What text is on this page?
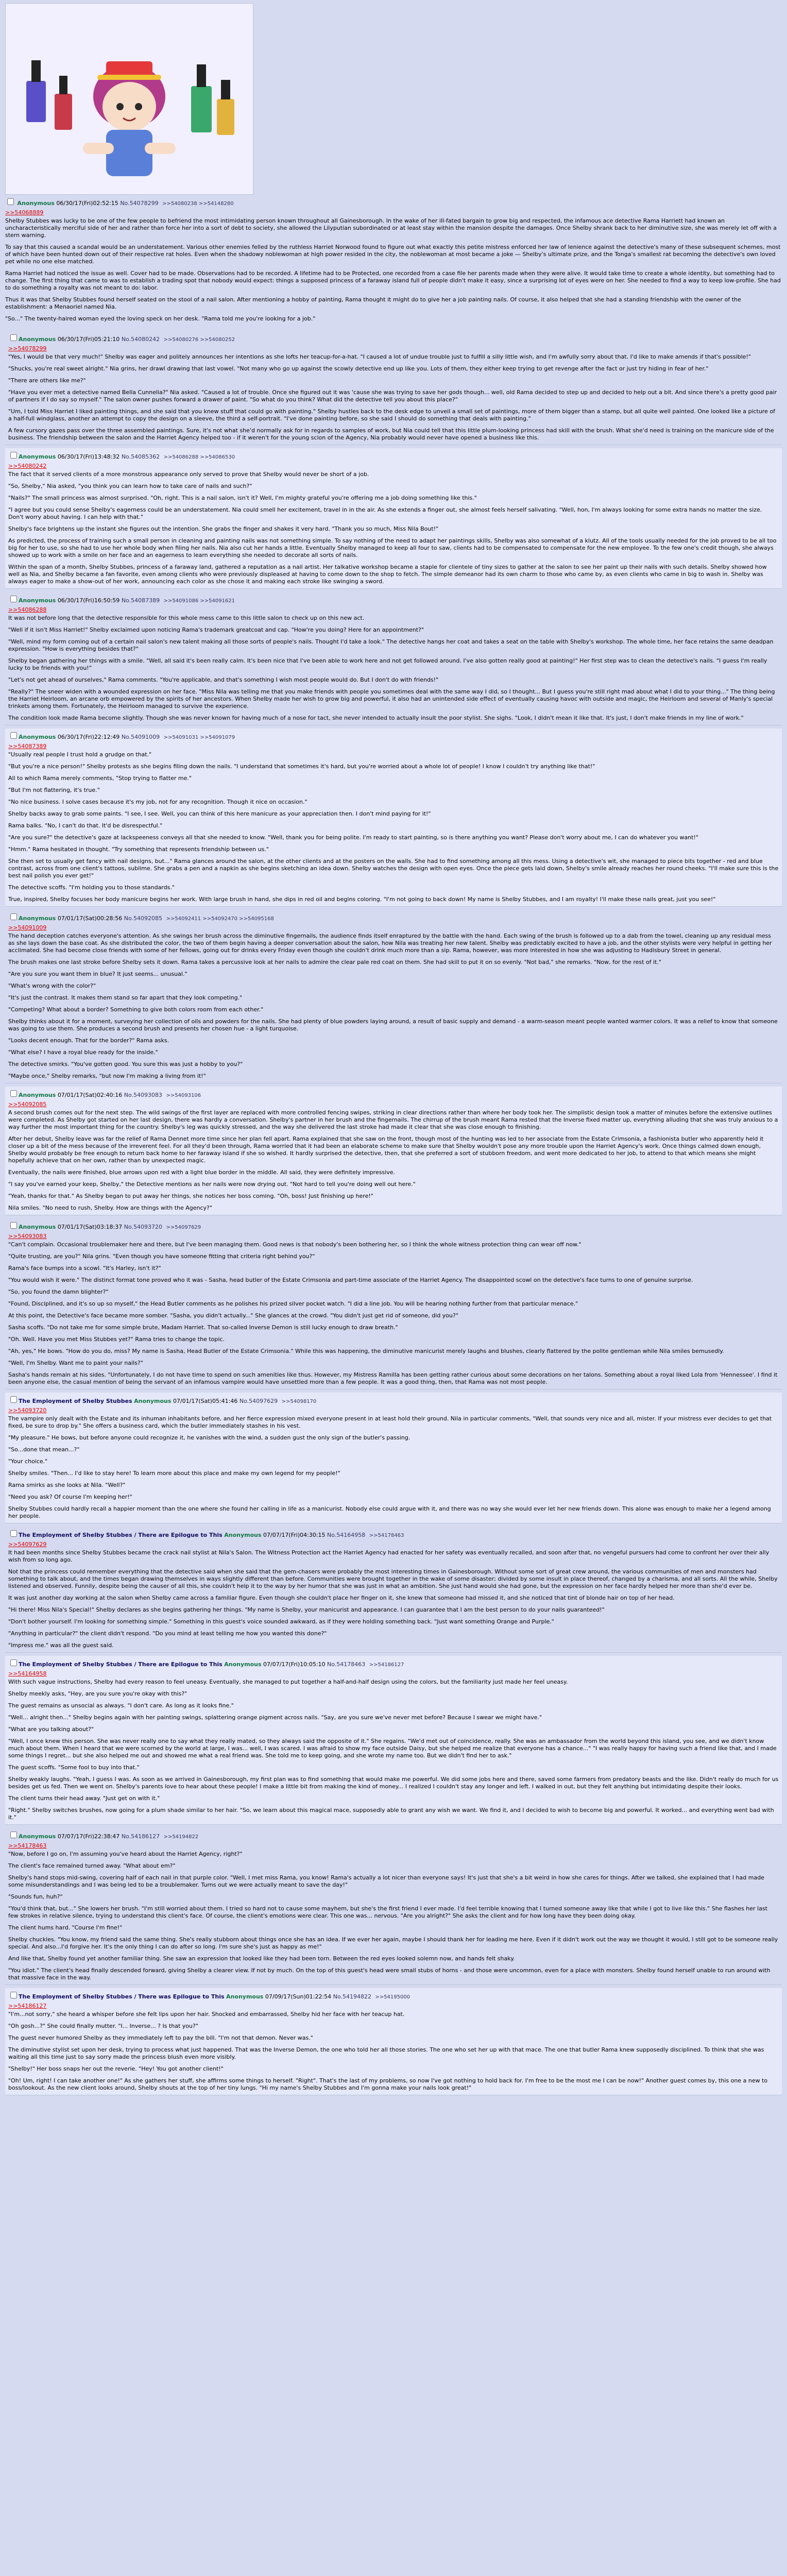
Anonymous 06/30/17(Fri)02:52:15 No.54078299 >>54080238 >>54148280
>>54068889

Shelby Stubbes was lucky to be one of the few people to befriend the most intimidating person known throughout all Gainesborough. In the wake of her ill-fated bargain to grow big and respected, the infamous ace detective Rama Harriett had known an uncharacteristically merciful side of her and rather than force her into a sort of debt to society, she allowed the Lilyputian subordinated or at least stay within the mansion despite the damages. Once Shelby shrank back to her diminutive size, she was merely let off with a stern warning.

To say that this caused a scandal would be an understatement. Various other enemies felled by the ruthless Harriet Norwood found to figure out what exactly this petite mistress enforced her law of lenience against the detective's many of these subsequent schemes, most of which have been hunted down out of their respective rat holes. Even when the shadowy noblewoman at high power resided in the city, the noblewoman at most became a joke — Shelby's ultimate prize, and the Tonga's smallest rat becoming the detective's own loved pet while no one else matched.

Rama Harriet had noticed the issue as well. Cover had to be made. Observations had to be recorded. A lifetime had to be Protected, one recorded from a case file her parents made when they were alive. It would take time to create a whole identity, but something had to change. The first thing that came to was to establish a trading spot that nobody would expect: things a supposed princess of a faraway island full of people didn't make it easy, since a surprising lot of eyes were on her. She needed to find a way to keep low-profile. She had to do something a royalty was not meant to do: labor.

Thus it was that Shelby Stubbes found herself seated on the stool of a nail salon. After mentioning a hobby of painting, Rama thought it might do to give her a job painting nails. Of course, it also helped that she had a standing friendship with the owner of the establishment: a Menaoriel named Nia.

"So..." The twenty-haired woman eyed the loving speck on her desk. "Rama told me you're looking for a job."

Anonymous 06/30/17(Fri)05:21:10 No.54080242 >>54080276 >>54080252
>>54078299

"Yes, I would be that very much!" Shelby was eager and politely announces her intentions as she lofts her teacup-for-a-hat. "I caused a lot of undue trouble just to fulfill a silly little wish, and I'm awfully sorry about that. I'd like to make amends if that's possible!"

"Shucks, you're real sweet alright." Nia grins, her drawl drawing that last vowel. "Not many who go up against the scowly detective end up like you. Lots of them, they either keep trying to get revenge after the fact or just try hiding in fear of her."

"There are others like me?"

"Have you ever met a detective named Bella Cunnelia?" Nia asked. "Caused a lot of trouble. Once she figured out it was 'cause she was trying to save her gods though... well, old Rama decided to step up and decided to help out a bit. And since there's a pretty good pair of partners if I do say so myself." The salon owner pushes forward a drawer of paint. "So what do you think? What did the detective tell you about this place?"

"Um, I told Miss Harriet I liked painting things, and she said that you knew stuff that could go with painting." Shelby hustles back to the desk edge to unveil a small set of paintings, more of them bigger than a stamp, but all quite well painted. One looked like a picture of a half-full windglass, another an attempt to copy the design on a sleeve, the third a self-portrait. "I've done painting before, so she said I should do something that deals with painting."

A few cursory gazes pass over the three assembled paintings. Sure, it's not what she'd normally ask for in regards to samples of work, but Nia could tell that this little plum-looking princess had skill with the brush. What she'd need is training on the manicure side of the business. The friendship between the salon and the Harriet Agency helped too - if it weren't for the young scion of the Agency, Nia probably would never have opened a business like this.

Anonymous 06/30/17(Fri)13:48:32 No.54085362 >>54086288 >>54086530
>>54080242

The fact that it served clients of a more monstrous appearance only served to prove that Shelby would never be short of a job.

"So, Shelby," Nia asked, "you think you can learn how to take care of nails and such?"

"Nails?" The small princess was almost surprised. "Oh, right. This is a nail salon, isn't it? Well, I'm mighty grateful you're offering me a job doing something like this."

"I agree but you could sense Shelby's eagerness could be an understatement. Nia could smell her excitement, travel in in the air. As she extends a finger out, she almost feels herself salivating. "Well, hon, I'm always looking for some extra hands no matter the size. Don't worry about having. I can help with that."

Shelby's face brightens up the instant she figures out the intention. She grabs the finger and shakes it very hard. "Thank you so much, Miss Nila Bout!"

As predicted, the process of training such a small person in cleaning and painting nails was not something simple. To say nothing of the need to adapt her paintings skills, Shelby was also somewhat of a klutz. All of the tools usually needed for the job proved to be all too big for her to use, so she had to use her whole body when filing her nails. Nia also cut her hands a little. Eventually Shelby managed to keep all four to saw, clients had to be compensated to compensate for the new employee. To the few one's credit though, she always showed up to work with a smile on her face and an eagerness to learn everything she needed to decorate all sorts of nails.

Within the span of a month, Shelby Stubbes, princess of a faraway land, gathered a reputation as a nail artist. Her talkative workshop became a staple for clientele of tiny sizes to gather at the salon to see her paint up their nails with such details. Shelby showed how well as Nia, and Shelby became a fan favorite, even among clients who were previously displeased at having to come down to the shop to fetch. The simple demeanor had its own charm to those who came by, as even clients who came in big to wash in. Shelby was always eager to make a show-out of her work, announcing each color as she chose it and making each stroke like swinging a sword.

Anonymous 06/30/17(Fri)16:50:59 No.54087389 >>54091086 >>54091621
>>54086288

It was not before long that the detective responsible for this whole mess came to this little salon to check up on this new act.

"Well if it isn't Miss Harriet!" Shelby exclaimed upon noticing Rama's trademark greatcoat and cap. "How're you doing? Here for an appointment?"

"Well, mind my form coming out of a certain nail salon's new talent making all those sorts of people's nails. Thought I'd take a look." The detective hangs her coat and takes a seat on the table with Shelby's workshop. The whole time, her face retains the same deadpan expression. "How is everything besides that?"

Shelby began gathering her things with a smile. "Well, all said it's been really calm. It's been nice that I've been able to work here and not get followed around. I've also gotten really good at painting!" Her first step was to clean the detective's nails. "I guess I'm really lucky to be friends with you!"

"Let's not get ahead of ourselves," Rama comments. "You're applicable, and that's something I wish most people would do. But I don't do with friends!"

"Really?" The sneer widen with a wounded expression on her face. "Miss Nila was telling me that you make friends with people you sometimes deal with the same way I did, so I thought... But I guess you're still right mad about what I did to your thing..." The thing being the Harriet Heirloom, an arcane orb empowered by the spirits of her ancestors. When Shelby made her wish to grow big and powerful, it also had an unintended side effect of eventually causing havoc with outside and magic, the Heirloom and several of Manly's special trinkets among them. Fortunately, the Heirloom managed to survive the experience.

The condition look made Rama become slightly. Though she was never known for having much of a nose for tact, she never intended to actually insult the poor stylist. She sighs. "Look, I didn't mean it like that. It's just, I don't make friends in my line of work."

Anonymous 06/30/17(Fri)22:12:49 No.54091009 >>54091031 >>54091079
>>54087389

"Usually real people I trust hold a grudge on that."

"But you're a nice person!" Shelby protests as she begins filing down the nails. "I understand that sometimes it's hard, but you're worried about a whole lot of people! I know I couldn't try anything like that!"

All to which Rama merely comments, "Stop trying to flatter me."

"But I'm not flattering, it's true."

"No nice business. I solve cases because it's my job, not for any recognition. Though it nice on occasion."

Shelby backs away to grab some paints. "I see, I see. Well, you can think of this here manicure as your appreciation then. I don't mind paying for it!"

Rama balks. "No, I can't do that. It'd be disrespectful."

"Are you sure?" the detective's gaze at lackspeeness conveys all that she needed to know. "Well, thank you for being polite. I'm ready to start painting, so is there anything you want? Please don't worry about me, I can do whatever you want!"

"Hmm." Rama hesitated in thought. "Try something that represents friendship between us."

She then set to usually get fancy with nail designs, but..." Rama glances around the salon, at the other clients and at the posters on the walls. She had to find something among all this mess. Using a detective's wit, she managed to piece bits together - red and blue contrast, across from one client's tattoos, sublime. She grabs a pen and a napkin as she begins sketching an idea down. Shelby watches the design with open eyes. Once the piece gets laid down, Shelby's smile already reaches her round cheeks. "I'll make sure this is the best nail polish you ever get!"

The detective scoffs. "I'm holding you to those standards."

True, inspired, Shelby focuses her body manicure begins her work. With large brush in hand, she dips in red oil and begins coloring. "I'm not going to back down! My name is Shelby Stubbes, and I am royalty! I'll make these nails great, just you see!"

Anonymous 07/01/17(Sat)00:28:56 No.54092085 >>54092411 >>54092470 >>54095168
>>54091009

The hand deception catches everyone's attention. As she swings her brush across the diminutive fingernails, the audience finds itself enraptured by the battle with the hand. Each swing of the brush is followed up to a dab from the towel, cleaning up any residual mess as she lays down the base coat. As she distributed the color, the two of them begin having a deeper conversation about the salon, how Nila was treating her new talent. Shelby was predictably excited to have a job, and the other stylists were very helpful in getting her acclimated. She had become close friends with some of her fellows, going out for drinks every Friday even though she couldn't drink much more than a sip. Rama, however, was more interested in how she was adjusting to Hadisbury Street in general.

The brush makes one last stroke before Shelby sets it down. Rama takes a percussive look at her nails to admire the clear pale red coat on them. She had skill to put it on so evenly. "Not bad," she remarks. "Now, for the rest of it."

"Are you sure you want them in blue? It just seems... unusual."

"What's wrong with the color?"

"It's just the contrast. It makes them stand so far apart that they look competing."

"Competing? What about a border? Something to give both colors room from each other."

Shelby thinks about it for a moment, surveying her collection of oils and powders for the nails. She had plenty of blue powders laying around, a result of basic supply and demand - a warm-season meant people wanted warmer colors. It was a relief to know that someone was going to use them. She produces a second brush and presents her chosen hue - a light turquoise.

"Looks decent enough. That for the border?" Rama asks.

"What else? I have a royal blue ready for the inside."

The detective smirks. "You've gotten good. You sure this was just a hobby to you?"

"Maybe once," Shelby remarks, "but now I'm making a living from it!"

Anonymous 07/01/17(Sat)02:40:16 No.54093083 >>54093106
>>54092085

A second brush comes out for the next step. The wild swings of the first layer are replaced with more controlled fencing swipes, striking in clear directions rather than where her body took her. The simplistic design took a matter of minutes before the extensive outlines were completed. As Shelby got started on her last design, there was hardly a conversation. Shelby's partner in her brush and the fingernails. The chirrup of the brush meant Rama rested that the Inverse fixed matter up, everything alluding that she was truly anxious to a way further the most important thing for the country. Shelby's leg was quickly stressed, and the way she delivered the last stroke had made it clear that she was close enough to finishing.

After her debut, Shelby leave was far the relief of Rama Dennet more time since her plan fell apart. Rama explained that she saw on the front, though most of the hunting was led to her associate from the Estate Crimsonia, a fashionista butler who apparently held it closer up a bit of the mess because of the irreverent feel. For all they'd been through, Rama worried that it had been an elaborate scheme to make sure that Shelby wouldn't pose any more trouble upon the Harriet Agency's work. Once things calmed down enough, Shelby would probably be free enough to return back home to her faraway island if she so wished. It hardly surprised the detective, then, that she preferred a sort of stubborn freedom, and went more dedicated to her job, to attend to that which means she might hopefully achieve that on her own, rather than by unexpected magic.

Eventually, the nails were finished, blue arrows upon red with a light blue border in the middle. All said, they were definitely impressive.

"I say you've earned your keep, Shelby," the Detective mentions as her nails were now drying out. "Not hard to tell you're doing well out here."

"Yeah, thanks for that." As Shelby began to put away her things, she notices her boss coming. "Oh, boss! Just finishing up here!"

Nila smiles. "No need to rush, Shelby. How are things with the Agency?"

Anonymous 07/01/17(Sat)03:18:37 No.54093720 >>54097629
>>54093083

"Can't complain. Occasional troublemaker here and there, but I've been managing them. Good news is that nobody's been bothering her, so I think the whole witness protection thing can wear off now."

"Quite trusting, are you?" Nila grins. "Even though you have someone fitting that criteria right behind you?"

Rama's face bumps into a scowl. "It's Harley, isn't it?"

"You would wish it were." The distinct format tone proved who it was - Sasha, head butler of the Estate Crimsonia and part-time associate of the Harriet Agency. The disappointed scowl on the detective's face turns to one of genuine surprise.

"So, you found the damn blighter?"

"Found, Disciplined, and it's so up so myself," the Head Butler comments as he polishes his prized silver pocket watch. "I did a line job. You will be hearing nothing further from that particular menace."

At this point, the Detective's face became more somber. "Sasha, you didn't actually..." She glances at the crowd. "You didn't just get rid of someone, did you?"

Sasha scoffs. "Do not take me for some simple brute, Madam Harriet. That so-called Inverse Demon is still lucky enough to draw breath."

"Oh. Well. Have you met Miss Stubbes yet?" Rama tries to change the topic.

"Ah, yes," He bows. "How do you do, miss? My name is Sasha, Head Butler of the Estate Crimsonia." While this was happening, the diminutive manicurist merely laughs and blushes, clearly flattered by the polite gentleman while Nila smiles bemusedly.

"Well, I'm Shelby. Want me to paint your nails?"

Sasha's hands remain at his sides. "Unfortunately, I do not have time to spend on such amenities like thus. However, my Mistress Ramilla has been getting rather curious about some decorations on her talons. Something about a royal liked Lola from 'Hennessee'. I find it been anyone else, the casual mention of being the servant of an infamous vampire would have unsettled more than a few people. It was a good thing, then, that Rama was not most people.

The Employment of Shelby Stubbes Anonymous 07/01/17(Sat)05:41:46 No.54097629 >>54098170
>>54093720

The vampire only dealt with the Estate and its inhuman inhabitants before, and her fierce expression mixed everyone present in at least hold their ground. Nila in particular comments, "Well, that sounds very nice and all, mister. If your mistress ever decides to get that fixed, be sure to drop by." She offers a business card, which the butler immediately stashes in his vest.

"My pleasure." He bows, but before anyone could recognize it, he vanishes with the wind, a sudden gust the only sign of the butler's passing.

"So...done that mean...?"

"Your choice."

Shelby smiles. "Then... I'd like to stay here! To learn more about this place and make my own legend for my people!"

Rama smirks as she looks at Nila. "Well?"

"Need you ask? Of course I'm keeping her!"

Shelby Stubbes could hardly recall a happier moment than the one where she found her calling in life as a manicurist. Nobody else could argue with it, and there was no way she would ever let her new friends down. This alone was enough to make her a legend among her people.

The Employment of Shelby Stubbes / There are Epilogue to This Anonymous 07/07/17(Fri)04:30:15 No.54164958 >>54178463
>>54097629

It had been months since Shelby Stubbes became the crack nail stylist at Nila's Salon. The Witness Protection act the Harriet Agency had enacted for her safety was eventually recalled, and soon after that, no vengeful pursuers had come to confront her over their ally wish from so long ago.

Not that the princess could remember everything that the detective said when she said that the gem-chasers were probably the most interesting times in Gainesborough. Without some sort of great crew around, the various communities of men and monsters had something to talk about, and the times began drawing themselves in ways slightly different than before. Communities were brought together in the wake of some disaster; divided by some insult in place thereof, changed by a charisma, and all sorts. All the while, Shelby listened and observed. Funnily, despite being the causer of all this, she couldn't help it to the way by her humor that she was just in what an ambition. She just hand would she had gone, but the expression on her face hardly helped her more than she'd ever be.

It was just another day working at the salon when Shelby came across a familiar figure. Even though she couldn't place her finger on it, she knew that someone had missed it, and she noticed that tint of blonde hair on top of her head.

"Hi there! Miss Nila's Special!" Shelby declares as she begins gathering her things. "My name is Shelby, your manicurist and appearance. I can guarantee that I am the best person to do your nails guaranteed!"

"Don't bother yourself. I'm looking for something simple." Something in this guest's voice sounded awkward, as if they were holding something back. "Just want something Orange and Purple."

"Anything in particular?" the client didn't respond. "Do you mind at least telling me how you wanted this done?"

"Impress me." was all the guest said.

The Employment of Shelby Stubbes / There are Epilogue to This Anonymous 07/07/17(Fri)10:05:10 No.54178463 >>54186127
>>54164958

With such vague instructions, Shelby had every reason to feel uneasy. Eventually, she managed to put together a half-and-half design using the colors, but the familiarity just made her feel uneasy.

Shelby meekly asks, "Hey, are you sure you're okay with this?"

The guest remains as unsocial as always. "I don't care. As long as it looks fine."

"Well... alright then..." Shelby begins again with her painting swings, splattering orange pigment across nails. "Say, are you sure we've never met before? Because I swear we might have."

"What are you talking about?"

"Well, I once knew this person. She was never really one to say what they really mated, so they always said the opposite of it." She regains. "We'd met out of coincidence, really. She was an ambassador from the world beyond this island, you see, and we didn't know much about them. When I heard that we were scorned by the world at large, I was... well, I was scared. I was afraid to show my face outside Daisy, but she helped me realize that everyone has a chance..." "I was really happy for having such a friend like that, and I made some things I regret... but she also helped me out and showed me what a real friend was. She told me to keep going, and she wrote my name too. But we didn't find her to ask."

The guest scoffs. "Some fool to buy into that."

Shelby weakly laughs. "Yeah, I guess I was. As soon as we arrived in Gainesborough, my first plan was to find something that would make me powerful. We did some jobs here and there, saved some farmers from predatory beasts and the like. Didn't really do much for us besides get us fed. Then we went on. Shelby's parents love to hear about these people! I make a little bit from making the kind of money... I realized I couldn't stay any longer and left. I walked in out, but they felt anything but intimidating despite their looks.

The client turns their head away. "Just get on with it."

"Right." Shelby switches brushes, now going for a plum shade similar to her hair. "So, we learn about this magical mace, supposedly able to grant any wish we want. We find it, and I decided to wish to become big and powerful. It worked... and everything went bad with it."

Anonymous 07/07/17(Fri)22:38:47 No.54186127 >>54194822
>>54178463

"Now, before I go on, I'm assuming you've heard about the Harriet Agency, right?"

The client's face remained turned away. "What about em?"

Shelby's hand stops mid-swing, covering half of each nail in that purple color. "Well, I met miss Rama, you know! Rama's actually a lot nicer than everyone says! It's just that she's a bit weird in how she cares for things. After we talked, she explained that I had made some misunderstandings and I was being led to be a troublemaker. Turns out we were actually meant to save the day!"

"Sounds fun, huh?"

"You'd think that, but..." She lowers her brush. "I'm still worried about them. I tried so hard not to cause some mayhem, but she's the first friend I ever made. I'd feel terrible knowing that I turned someone away like that while I got to live like this." She flashes her last few strokes in relative silence, trying to understand this client's face. Of course, the client's emotions were clear. This one was... nervous. "Are you alright?" She asks the client and for how long have they been doing okay.

The client hums hard. "Course I'm fine!"

Shelby chuckles. "You know, my friend said the same thing. She's really stubborn about things once she has an idea. If we ever her again, maybe I should thank her for leading me here. Even if it didn't work out the way we thought it would, I still got to be someone really special. And also...I'd forgive her. It's the only thing I can do after so long. I'm sure she's just as happy as me!"

And like that, Shelby found yet another familiar thing. She saw an expression that looked like they had been torn. Between the red eyes looked solemn now, and hands felt shaky.

"You idiot." The client's head finally descended forward, giving Shelby a clearer view. If not by much. On the top of this guest's head were small stubs of horns - and those were uncommon, even for a place with monsters. Shelby found herself unable to run around with that massive face in the way.

The Employment of Shelby Stubbes / There was Epilogue to This Anonymous 07/09/17(Sun)01:22:54 No.54194822 >>54195000
>>54186127

"I'm...not sorry," she heard a whisper before she felt lips upon her hair. Shocked and embarrassed, Shelby hid her face with her teacup hat.

"Oh gosh...?" She could finally mutter. "I... Inverse... ? Is that you?"

The guest never humored Shelby as they immediately left to pay the bill. "I'm not that demon. Never was."

The diminutive stylist set upon her desk, trying to process what just happened. That was the Inverse Demon, the one who told her all those stories. The one who set her up with that mace. The one that butler Rama knew supposedly disciplined. To think that she was waiting all this time just to say sorry made the princess blush even more visibly.

"Shelby!" Her boss snaps her out the reverie. "Hey! You got another client!"

"Oh! Um, right! I can take another one!" As she gathers her stuff, she affirms some things to herself. "Right". That's the last of my problems, so now I've got nothing to hold back for. I'm free to be the most me I can be now!" Another guest comes by, this one a new to boss/lookout. As the new client looks around, Shelby shouts at the top of her tiny lungs. "Hi my name's Shelby Stubbes and I'm gonna make your nails look great!"
